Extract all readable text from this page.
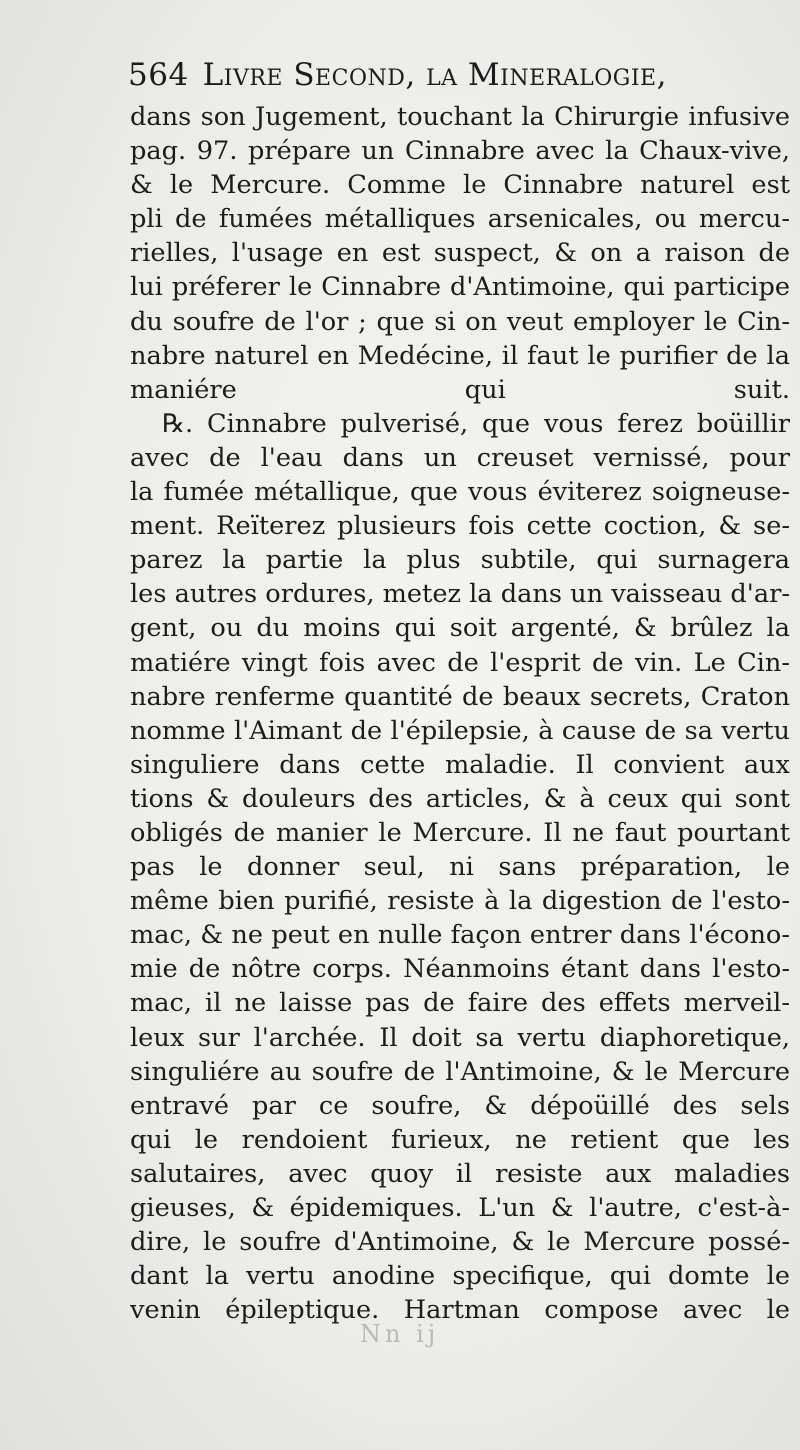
564 Livre Second, la Mineralogie,
dans son Jugement, touchant la Chirurgie infusive
pag. 97. prépare un Cinnabre avec la Chaux-vive,
& le Mercure. Comme le Cinnabre naturel est
pli de fumées métalliques arsenicales, ou mercu-
rielles, l'usage en est suspect, & on a raison de
lui préferer le Cinnabre d'Antimoine, qui participe
du soufre de l'or ; que si on veut employer le Cin-
nabre naturel en Medécine, il faut le purifier de la
maniére qui suit.
℞. Cinnabre pulverisé, que vous ferez boüillir
avec de l'eau dans un creuset vernissé, pour
la fumée métallique, que vous éviterez soigneuse-
ment. Reïterez plusieurs fois cette coction, & se-
parez la partie la plus subtile, qui surnagera
les autres ordures, metez la dans un vaisseau d'ar-
gent, ou du moins qui soit argenté, & brûlez la
matiére vingt fois avec de l'esprit de vin. Le Cin-
nabre renferme quantité de beaux secrets, Craton
nomme l'Aimant de l'épilepsie, à cause de sa vertu
singuliere dans cette maladie. Il convient aux
tions & douleurs des articles, & à ceux qui sont
obligés de manier le Mercure. Il ne faut pourtant
pas le donner seul, ni sans préparation, le
même bien purifié, resiste à la digestion de l'esto-
mac, & ne peut en nulle façon entrer dans l'écono-
mie de nôtre corps. Néanmoins étant dans l'esto-
mac, il ne laisse pas de faire des effets merveil-
leux sur l'archée. Il doit sa vertu diaphoretique,
singuliére au soufre de l'Antimoine, & le Mercure
entravé par ce soufre, & dépoüillé des sels
qui le rendoient furieux, ne retient que les
salutaires, avec quoy il resiste aux maladies
gieuses, & épidemiques. L'un & l'autre, c'est-à-
dire, le soufre d'Antimoine, & le Mercure possé-
dant la vertu anodine specifique, qui domte le
venin épileptique. Hartman compose avec le
Nn ij
